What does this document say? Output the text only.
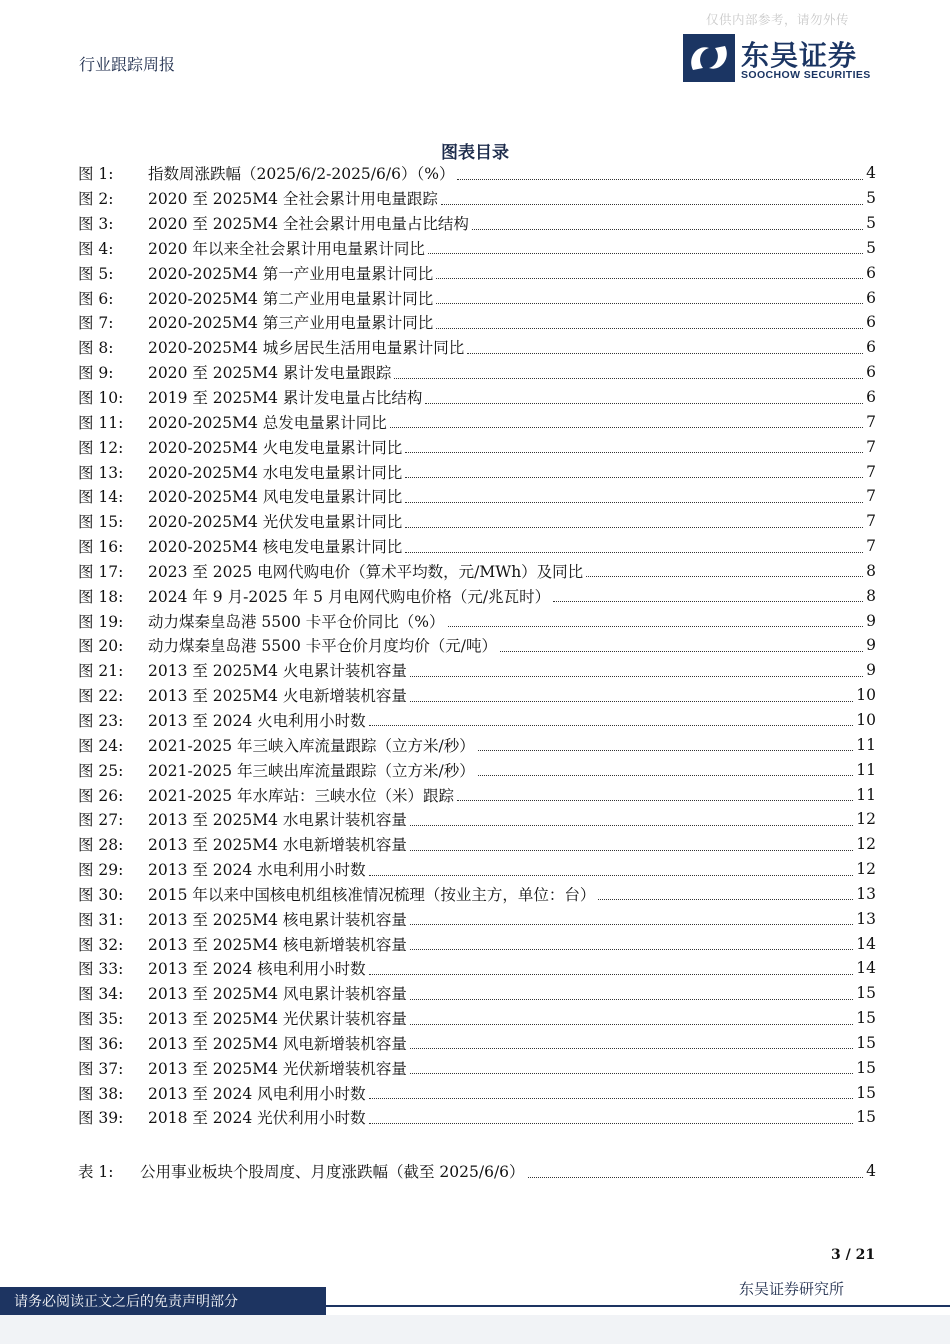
行业跟踪周报
仅供内部参考，请勿外传
东吴证券
SOOCHOW SECURITIES
图表目录
图 1:	指数周涨跌幅（2025/6/2-2025/6/6）（%）	4
图 2:	2020 至 2025M4 全社会累计用电量跟踪	5
图 3:	2020 至 2025M4 全社会累计用电量占比结构	5
图 4:	2020 年以来全社会累计用电量累计同比	5
图 5:	2020-2025M4 第一产业用电量累计同比	6
图 6:	2020-2025M4 第二产业用电量累计同比	6
图 7:	2020-2025M4 第三产业用电量累计同比	6
图 8:	2020-2025M4 城乡居民生活用电量累计同比	6
图 9:	2020 至 2025M4 累计发电量跟踪	6
图 10:	2019 至 2025M4 累计发电量占比结构	6
图 11:	2020-2025M4 总发电量累计同比	7
图 12:	2020-2025M4 火电发电量累计同比	7
图 13:	2020-2025M4 水电发电量累计同比	7
图 14:	2020-2025M4 风电发电量累计同比	7
图 15:	2020-2025M4 光伏发电量累计同比	7
图 16:	2020-2025M4 核电发电量累计同比	7
图 17:	2023 至 2025 电网代购电价（算术平均数，元/MWh）及同比	8
图 18:	2024 年 9 月-2025 年 5 月电网代购电价格（元/兆瓦时）	8
图 19:	动力煤秦皇岛港 5500 卡平仓价同比（%）	9
图 20:	动力煤秦皇岛港 5500 卡平仓价月度均价（元/吨）	9
图 21:	2013 至 2025M4 火电累计装机容量	9
图 22:	2013 至 2025M4 火电新增装机容量	10
图 23:	2013 至 2024 火电利用小时数	10
图 24:	2021-2025 年三峡入库流量跟踪（立方米/秒）	11
图 25:	2021-2025 年三峡出库流量跟踪（立方米/秒）	11
图 26:	2021-2025 年水库站：三峡水位（米）跟踪	11
图 27:	2013 至 2025M4 水电累计装机容量	12
图 28:	2013 至 2025M4 水电新增装机容量	12
图 29:	2013 至 2024 水电利用小时数	12
图 30:	2015 年以来中国核电机组核准情况梳理（按业主方，单位：台）	13
图 31:	2013 至 2025M4 核电累计装机容量	13
图 32:	2013 至 2025M4 核电新增装机容量	14
图 33:	2013 至 2024 核电利用小时数	14
图 34:	2013 至 2025M4 风电累计装机容量	15
图 35:	2013 至 2025M4 光伏累计装机容量	15
图 36:	2013 至 2025M4 风电新增装机容量	15
图 37:	2013 至 2025M4 光伏新增装机容量	15
图 38:	2013 至 2024 风电利用小时数	15
图 39:	2018 至 2024 光伏利用小时数	15
表 1:	公用事业板块个股周度、月度涨跌幅（截至 2025/6/6）	4
3 / 21
请务必阅读正文之后的免责声明部分
东吴证券研究所
